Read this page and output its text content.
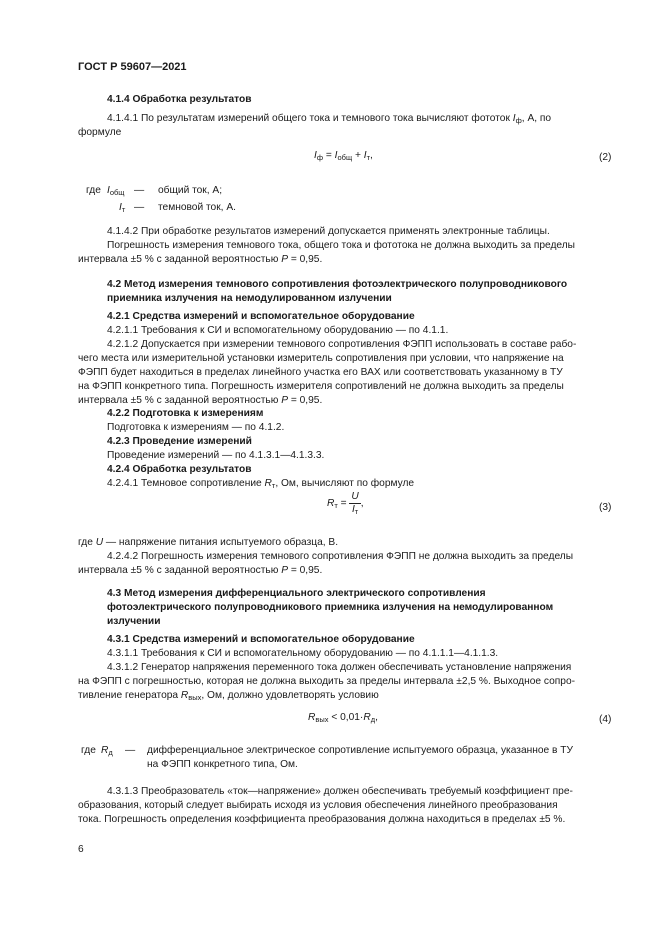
ГОСТ Р 59607—2021
4.1.4 Обработка результатов
4.1.4.1 По результатам измерений общего тока и темнового тока вычисляют фототок $I_ф$, А, по
формуле
$I_ф = I_{общ} + I_т$,	(2)
где $I_{общ}$ — общий ток, А;
$I_т$ — темновой ток, А.
4.1.4.2 При обработке результатов измерений допускается применять электронные таблицы.
Погрешность измерения темнового тока, общего тока и фототока не должна выходить за пределы
интервала ±5 % с заданной вероятностью P = 0,95.
4.2 Метод измерения темнового сопротивления фотоэлектрического полупроводникового
приемника излучения на немодулированном излучении
4.2.1 Средства измерений и вспомогательное оборудование
4.2.1.1 Требования к СИ и вспомогательному оборудованию — по 4.1.1.
4.2.1.2 Допускается при измерении темнового сопротивления ФЭПП использовать в составе рабо-
чего места или измерительной установки измеритель сопротивления при условии, что напряжение на
ФЭПП будет находиться в пределах линейного участка его ВАХ или соответствовать указанному в ТУ
на ФЭПП конкретного типа. Погрешность измерителя сопротивлений не должна выходить за пределы
интервала ±5 % с заданной вероятностью P = 0,95.
4.2.2 Подготовка к измерениям
Подготовка к измерениям — по 4.1.2.
4.2.3 Проведение измерений
Проведение измерений — по 4.1.3.1—4.1.3.3.
4.2.4 Обработка результатов
4.2.4.1 Темновое сопротивление $R_т$, Ом, вычисляют по формуле
$R_т = \frac{U}{I_т}$ ,	(3)
где U — напряжение питания испытуемого образца, В.
4.2.4.2 Погрешность измерения темнового сопротивления ФЭПП не должна выходить за пределы
интервала ±5 % с заданной вероятностью P = 0,95.
4.3 Метод измерения дифференциального электрического сопротивления
фотоэлектрического полупроводникового приемника излучения на немодулированном
излучении
4.3.1 Средства измерений и вспомогательное оборудование
4.3.1.1 Требования к СИ и вспомогательному оборудованию — по 4.1.1.1—4.1.1.3.
4.3.1.2 Генератор напряжения переменного тока должен обеспечивать установление напряжения
на ФЭПП с погрешностью, которая не должна выходить за пределы интервала ±2,5 %. Выходное сопро-
тивление генератора $R_{вых}$, Ом, должно удовлетворять условию
$R_{вых} < 0,01\cdot R_д$,	(4)
где $R_д$ — дифференциальное электрическое сопротивление испытуемого образца, указанное в ТУ
на ФЭПП конкретного типа, Ом.
4.3.1.3 Преобразователь «ток—напряжение» должен обеспечивать требуемый коэффициент пре-
образования, который следует выбирать исходя из условия обеспечения линейного преобразования
тока. Погрешность определения коэффициента преобразования должна находиться в пределах ±5 %.
6
